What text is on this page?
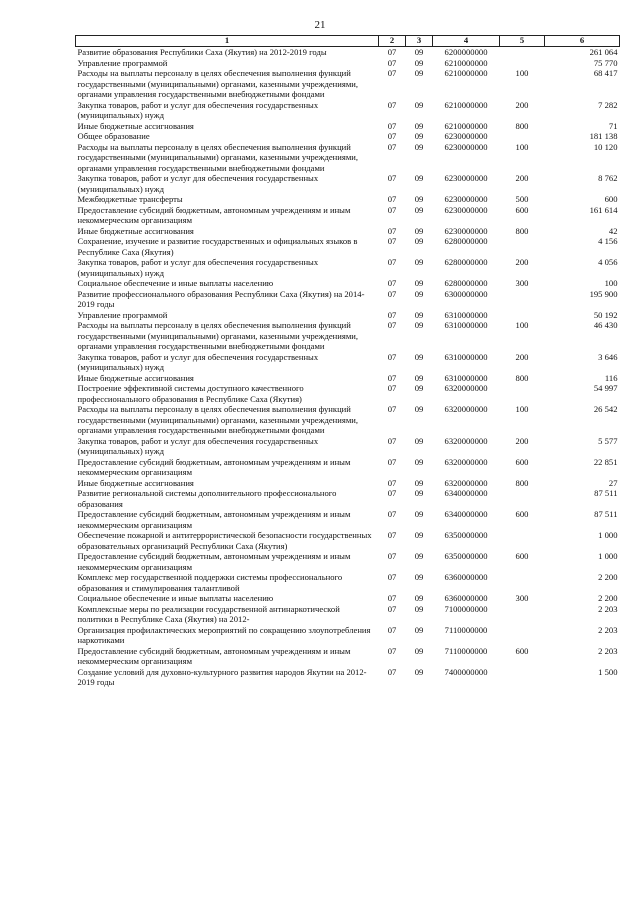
21
1	2	3	4	5	6
Развитие образования Республики Саха (Якутия) на 2012-2019 годы	07	09	6200000000		261 064
Управление программой	07	09	6210000000		75 770
Расходы на выплаты персоналу в целях обеспечения выполнения функций государственными (муниципальными) органами, казенными учреждениями, органами управления государственными внебюджетными фондами	07	09	6210000000	100	68 417
Закупка товаров, работ и услуг для обеспечения государственных (муниципальных) нужд	07	09	6210000000	200	7 282
Иные бюджетные ассигнования	07	09	6210000000	800	71
Общее образование	07	09	6230000000		181 138
Расходы на выплаты персоналу в целях обеспечения выполнения функций государственными (муниципальными) органами, казенными учреждениями, органами управления государственными внебюджетными фондами	07	09	6230000000	100	10 120
Закупка товаров, работ и услуг для обеспечения государственных (муниципальных) нужд	07	09	6230000000	200	8 762
Межбюджетные трансферты	07	09	6230000000	500	600
Предоставление субсидий бюджетным, автономным учреждениям и иным некоммерческим организациям	07	09	6230000000	600	161 614
Иные бюджетные ассигнования	07	09	6230000000	800	42
Сохранение, изучение и развитие государственных и официальных языков в Республике Саха (Якутия)	07	09	6280000000		4 156
Закупка товаров, работ и услуг для обеспечения государственных (муниципальных) нужд	07	09	6280000000	200	4 056
Социальное обеспечение и иные выплаты населению	07	09	6280000000	300	100
Развитие профессионального образования Республики Саха (Якутия) на 2014-2019 годы	07	09	6300000000		195 900
Управление программой	07	09	6310000000		50 192
Расходы на выплаты персоналу в целях обеспечения выполнения функций государственными (муниципальными) органами, казенными учреждениями, органами управления государственными внебюджетными фондами	07	09	6310000000	100	46 430
Закупка товаров, работ и услуг для обеспечения государственных (муниципальных) нужд	07	09	6310000000	200	3 646
Иные бюджетные ассигнования	07	09	6310000000	800	116
Построение эффективной системы доступного качественного профессионального образования в Республике Саха (Якутия)	07	09	6320000000		54 997
Расходы на выплаты персоналу в целях обеспечения выполнения функций государственными (муниципальными) органами, казенными учреждениями, органами управления государственными внебюджетными фондами	07	09	6320000000	100	26 542
Закупка товаров, работ и услуг для обеспечения государственных (муниципальных) нужд	07	09	6320000000	200	5 577
Предоставление субсидий бюджетным, автономным учреждениям и иным некоммерческим организациям	07	09	6320000000	600	22 851
Иные бюджетные ассигнования	07	09	6320000000	800	27
Развитие региональной системы дополнительного профессионального образования	07	09	6340000000		87 511
Предоставление субсидий бюджетным, автономным учреждениям и иным некоммерческим организациям	07	09	6340000000	600	87 511
Обеспечение пожарной и антитеррористической безопасности государственных образовательных организаций Республики Саха (Якутия)	07	09	6350000000		1 000
Предоставление субсидий бюджетным, автономным учреждениям и иным некоммерческим организациям	07	09	6350000000	600	1 000
Комплекс мер государственной поддержки системы профессионального образования и стимулирования талантливой	07	09	6360000000		2 200
Социальное обеспечение и иные выплаты населению	07	09	6360000000	300	2 200
Комплексные меры по реализации государственной антинаркотической политики в Республике Саха (Якутия) на 2012-	07	09	7100000000		2 203
Организация профилактических мероприятий по сокращению злоупотребления наркотиками	07	09	7110000000		2 203
Предоставление субсидий бюджетным, автономным учреждениям и иным некоммерческим организациям	07	09	7110000000	600	2 203
Создание условий для духовно-культурного развития народов Якутии на 2012-2019 годы	07	09	7400000000		1 500
